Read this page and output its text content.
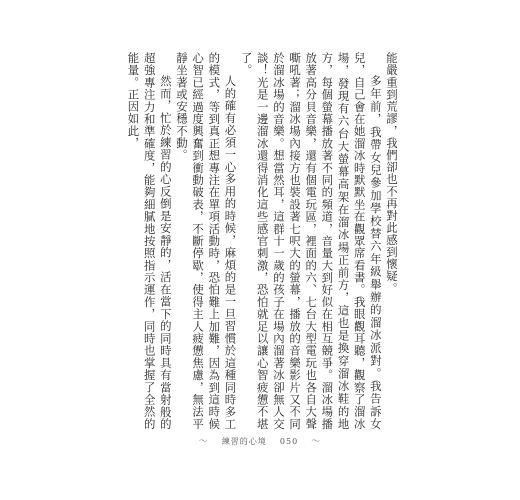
能嚴重到荒謬，我們卻也不再對此感到懷疑。

多年前，我帶女兒參加學校替六年級舉辦的溜冰派對。我告訴女兒，自己會在她溜冰時默默坐在觀眾席看書。我眼觀耳聽，觀察了溜冰場，發現有六台大螢幕高架在溜冰場正前方，這也是換穿溜冰鞋的地方，每個螢幕播放著不同的頻道，音量大到好似在相互競爭。溜冰場播放著高分貝音樂，還有個電玩區，裡面的六、七台大型電玩也各自大聲嘶吼著；溜冰場內接方也裝設著七呎大的螢幕，播放的音樂影片又不同於溜冰場的音樂。想當然耳，這群十一歲的孩子在場內溜著冰卻無人交談！光是一邊溜冰還得消化這些感官刺激，恐怕就足以讓心智疲憊不堪了。

人的確有必須一心多用的時候，麻煩的是一旦習慣於這種同時多工的模式，等到真正想專注在單項活動時，恐怕難上加難，因為到這時候心智已經過度興奮到衝動破表，不斷停歇，使得主人疲憊焦慮，無法平靜坐著或安穩不動。

然而，忙於練習的心反倒是安靜的，活在當下的同時具有當射般的超強專注力和準確度，能夠細膩地按照指示運作，同時也掌握了全然的能量。正因如此，

～ 練習的心境 050 ～
